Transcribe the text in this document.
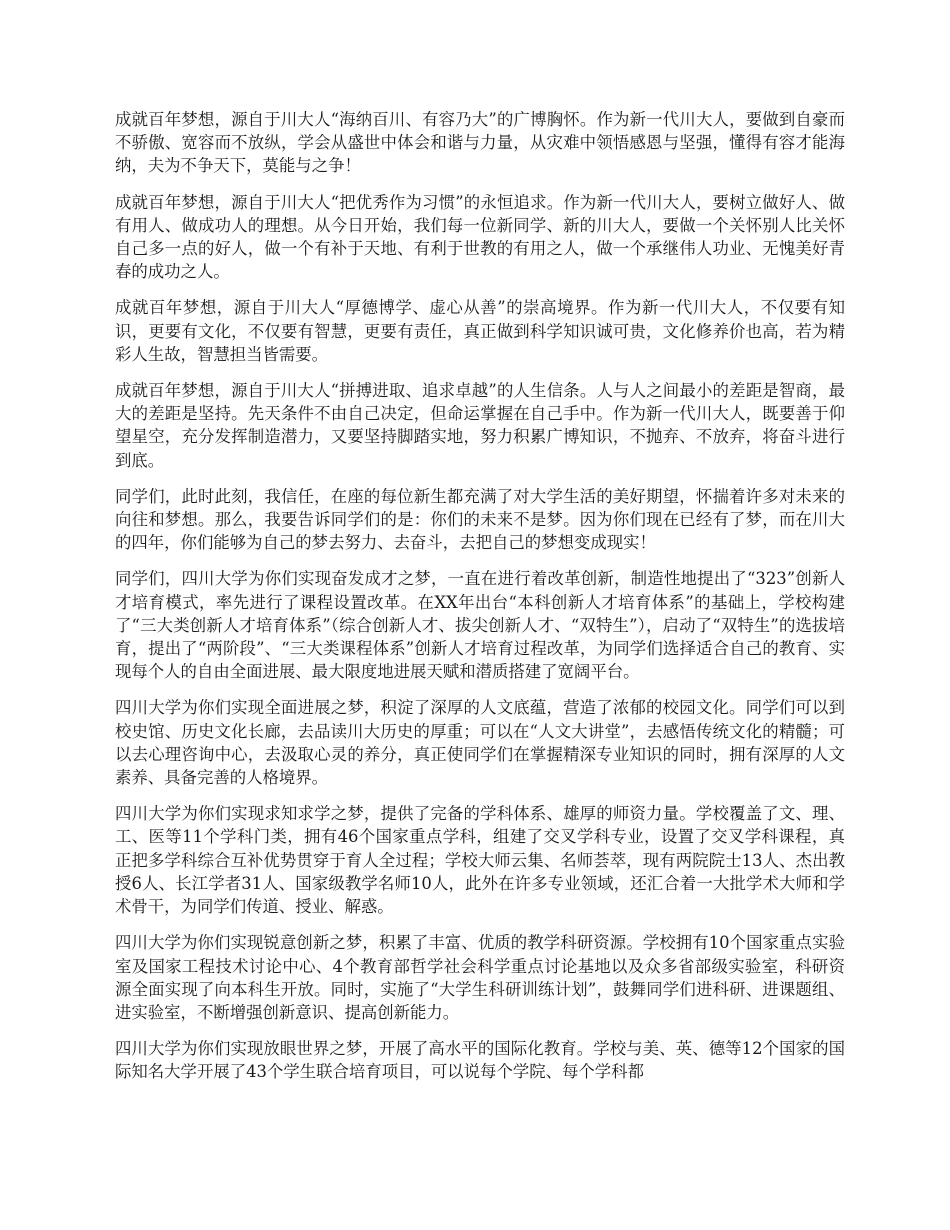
成就百年梦想，源自于川大人“海纳百川、有容乃大”的广博胸怀。作为新一代川大人，要做到自豪而不骄傲、宽容而不放纵，学会从盛世中体会和谐与力量，从灾难中领悟感恩与坚强，懂得有容才能海纳，夫为不争天下，莫能与之争！

成就百年梦想，源自于川大人“把优秀作为习惯”的永恒追求。作为新一代川大人，要树立做好人、做有用人、做成功人的理想。从今日开始，我们每一位新同学、新的川大人，要做一个关怀别人比关怀自己多一点的好人，做一个有补于天地、有利于世教的有用之人，做一个承继伟人功业、无愧美好青春的成功之人。

成就百年梦想，源自于川大人“厚德博学、虚心从善”的崇高境界。作为新一代川大人，不仅要有知识，更要有文化，不仅要有智慧，更要有责任，真正做到科学知识诚可贵，文化修养价也高，若为精彩人生故，智慧担当皆需要。

成就百年梦想，源自于川大人“拼搏进取、追求卓越”的人生信条。人与人之间最小的差距是智商，最大的差距是坚持。先天条件不由自己决定，但命运掌握在自己手中。作为新一代川大人，既要善于仰望星空，充分发挥制造潜力，又要坚持脚踏实地，努力积累广博知识，不抛弃、不放弃，将奋斗进行到底。

同学们，此时此刻，我信任，在座的每位新生都充满了对大学生活的美好期望，怀揣着许多对未来的向往和梦想。那么，我要告诉同学们的是：你们的未来不是梦。因为你们现在已经有了梦，而在川大的四年，你们能够为自己的梦去努力、去奋斗，去把自己的梦想变成现实！

同学们，四川大学为你们实现奋发成才之梦，一直在进行着改革创新，制造性地提出了“323”创新人才培育模式，率先进行了课程设置改革。在XX年出台“本科创新人才培育体系”的基础上，学校构建了“三大类创新人才培育体系”（综合创新人才、拔尖创新人才、“双特生”），启动了“双特生”的选拔培育，提出了“两阶段”、“三大类课程体系”创新人才培育过程改革，为同学们选择适合自己的教育、实现每个人的自由全面进展、最大限度地进展天赋和潜质搭建了宽阔平台。

四川大学为你们实现全面进展之梦，积淀了深厚的人文底蕴，营造了浓郁的校园文化。同学们可以到校史馆、历史文化长廊，去品读川大历史的厚重；可以在“人文大讲堂”，去感悟传统文化的精髓；可以去心理咨询中心，去汲取心灵的养分，真正使同学们在掌握精深专业知识的同时，拥有深厚的人文素养、具备完善的人格境界。

四川大学为你们实现求知求学之梦，提供了完备的学科体系、雄厚的师资力量。学校覆盖了文、理、工、医等11个学科门类，拥有46个国家重点学科，组建了交叉学科专业，设置了交叉学科课程，真正把多学科综合互补优势贯穿于育人全过程；学校大师云集、名师荟萃，现有两院院士13人、杰出教授6人、长江学者31人、国家级教学名师10人，此外在许多专业领域，还汇合着一大批学术大师和学术骨干，为同学们传道、授业、解惑。

四川大学为你们实现锐意创新之梦，积累了丰富、优质的教学科研资源。学校拥有10个国家重点实验室及国家工程技术讨论中心、4个教育部哲学社会科学重点讨论基地以及众多省部级实验室，科研资源全面实现了向本科生开放。同时，实施了“大学生科研训练计划”，鼓舞同学们进科研、进课题组、进实验室，不断增强创新意识、提高创新能力。

四川大学为你们实现放眼世界之梦，开展了高水平的国际化教育。学校与美、英、德等12个国家的国际知名大学开展了43个学生联合培育项目，可以说每个学院、每个学科都
